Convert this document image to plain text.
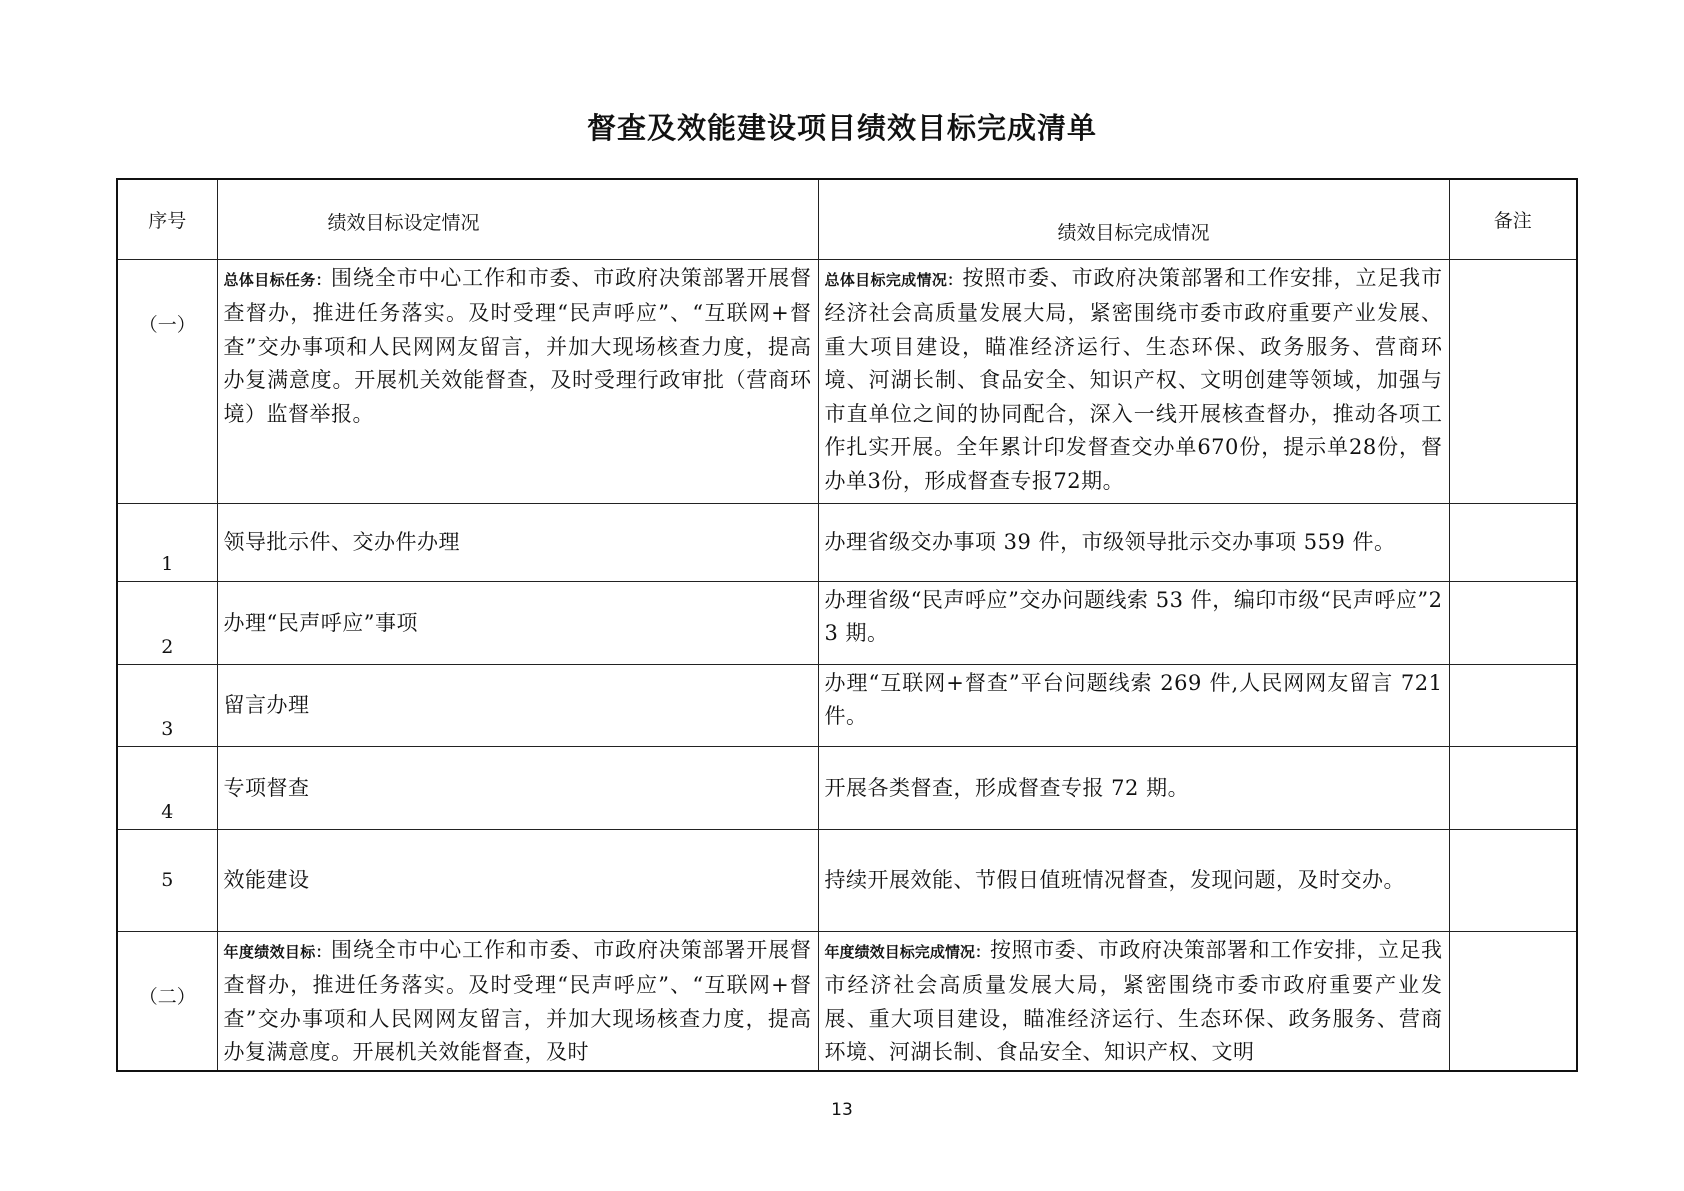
督查及效能建设项目绩效目标完成清单
序号	绩效目标设定情况	绩效目标完成情况	备注
（一）	总体目标任务：围绕全市中心工作和市委、市政府决策部署开展督查督办，推进任务落实。及时受理“民声呼应”、“互联网+督查”交办事项和人民网网友留言，并加大现场核查力度，提高办复满意度。开展机关效能督查，及时受理行政审批（营商环境）监督举报。	总体目标完成情况：按照市委、市政府决策部署和工作安排，立足我市经济社会高质量发展大局，紧密围绕市委市政府重要产业发展、重大项目建设，瞄准经济运行、生态环保、政务服务、营商环境、河湖长制、食品安全、知识产权、文明创建等领域，加强与市直单位之间的协同配合，深入一线开展核查督办，推动各项工作扎实开展。全年累计印发督查交办单670份，提示单28份，督办单3份，形成督查专报72期。	

1	领导批示件、交办件办理	办理省级交办事项 39 件，市级领导批示交办事项 559 件。	

2	办理“民声呼应”事项	办理省级“民声呼应”交办问题线索 53 件，编印市级“民声呼应”23 期。	

3	留言办理	办理“互联网+督查”平台问题线索 269 件,人民网网友留言 721 件。	

4	专项督查	开展各类督查，形成督查专报 72 期。	

5	效能建设	持续开展效能、节假日值班情况督查，发现问题，及时交办。	

（二）	年度绩效目标：围绕全市中心工作和市委、市政府决策部署开展督查督办，推进任务落实。及时受理“民声呼应”、“互联网+督查”交办事项和人民网网友留言，并加大现场核查力度，提高办复满意度。开展机关效能督查，及时	年度绩效目标完成情况：按照市委、市政府决策部署和工作安排，立足我市经济社会高质量发展大局，紧密围绕市委市政府重要产业发展、重大项目建设，瞄准经济运行、生态环保、政务服务、营商环境、河湖长制、食品安全、知识产权、文明	

13
